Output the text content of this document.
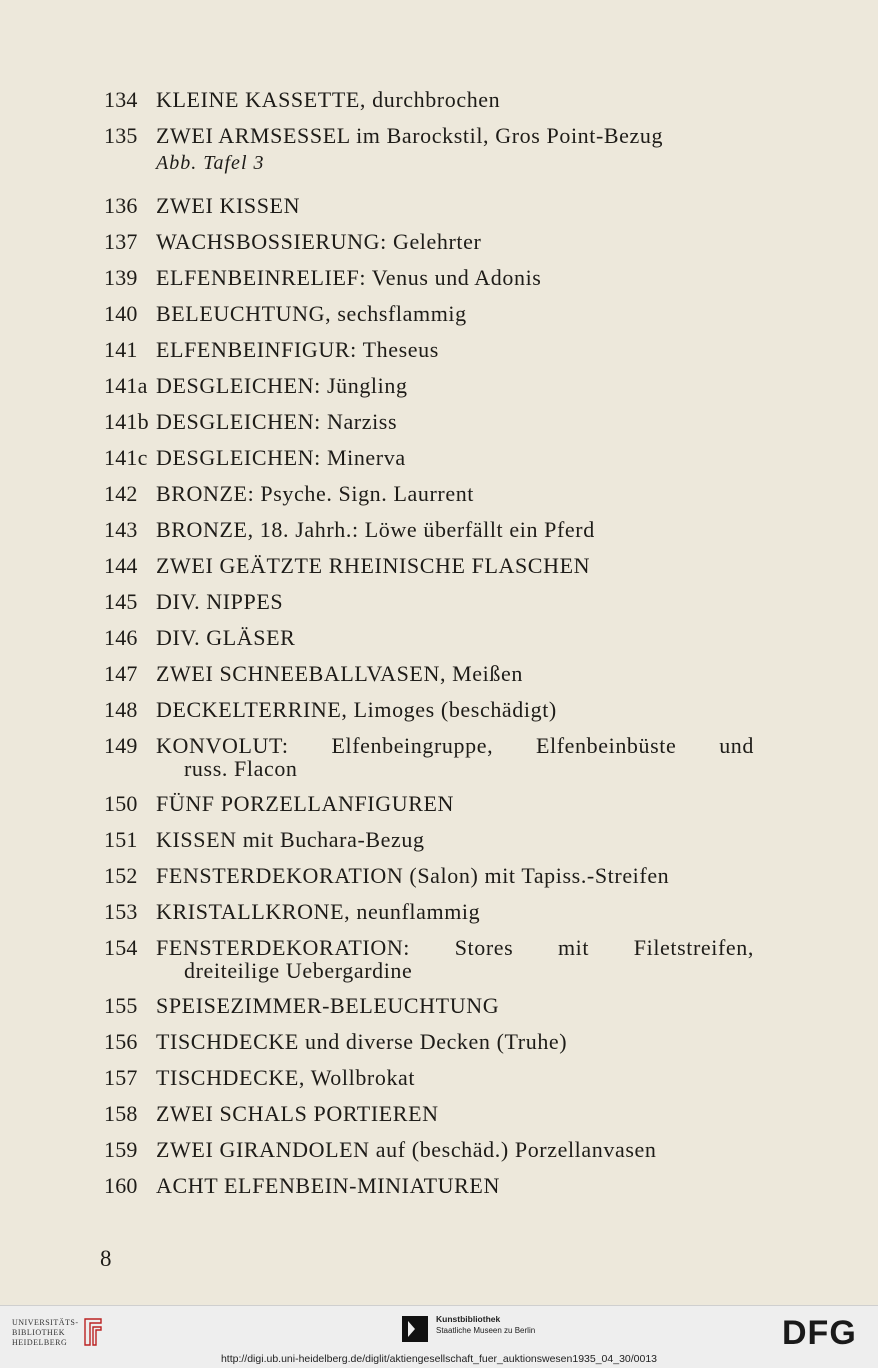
134 KLEINE KASSETTE, durchbrochen
135 ZWEI ARMSESSEL im Barockstil, Gros Point-Bezug
Abb. Tafel 3
136 ZWEI KISSEN
137 WACHSBOSSIERUNG: Gelehrter
139 ELFENBEINRELIEF: Venus und Adonis
140 BELEUCHTUNG, sechsflammig
141 ELFENBEINFIGUR: Theseus
141a DESGLEICHEN: Jüngling
141b DESGLEICHEN: Narziss
141c DESGLEICHEN: Minerva
142 BRONZE: Psyche. Sign. Laurrent
143 BRONZE, 18. Jahrh.: Löwe überfällt ein Pferd
144 ZWEI GEÄTZTE RHEINISCHE FLASCHEN
145 DIV. NIPPES
146 DIV. GLÄSER
147 ZWEI SCHNEEBALLVASEN, Meißen
148 DECKELTERRINE, Limoges (beschädigt)
149 KONVOLUT: Elfenbeingruppe, Elfenbeinbüste und
russ. Flacon
150 FÜNF PORZELLANFIGUREN
151 KISSEN mit Buchara-Bezug
152 FENSTERDEKORATION (Salon) mit Tapiss.-Streifen
153 KRISTALLKRONE, neunflammig
154 FENSTERDEKORATION: Stores mit Filetstreifen,
dreiteilige Uebergardine
155 SPEISEZIMMER-BELEUCHTUNG
156 TISCHDECKE und diverse Decken (Truhe)
157 TISCHDECKE, Wollbrokat
158 ZWEI SCHALS PORTIEREN
159 ZWEI GIRANDOLEN auf (beschäd.) Porzellanvasen
160 ACHT ELFENBEIN-MINIATUREN
8
UNIVERSITÄTS-
BIBLIOTHEK
HEIDELBERG
Kunstbibliothek
Staatliche Museen zu Berlin	DFG
http://digi.ub.uni-heidelberg.de/diglit/aktiengesellschaft_fuer_auktionswesen1935_04_30/0013
